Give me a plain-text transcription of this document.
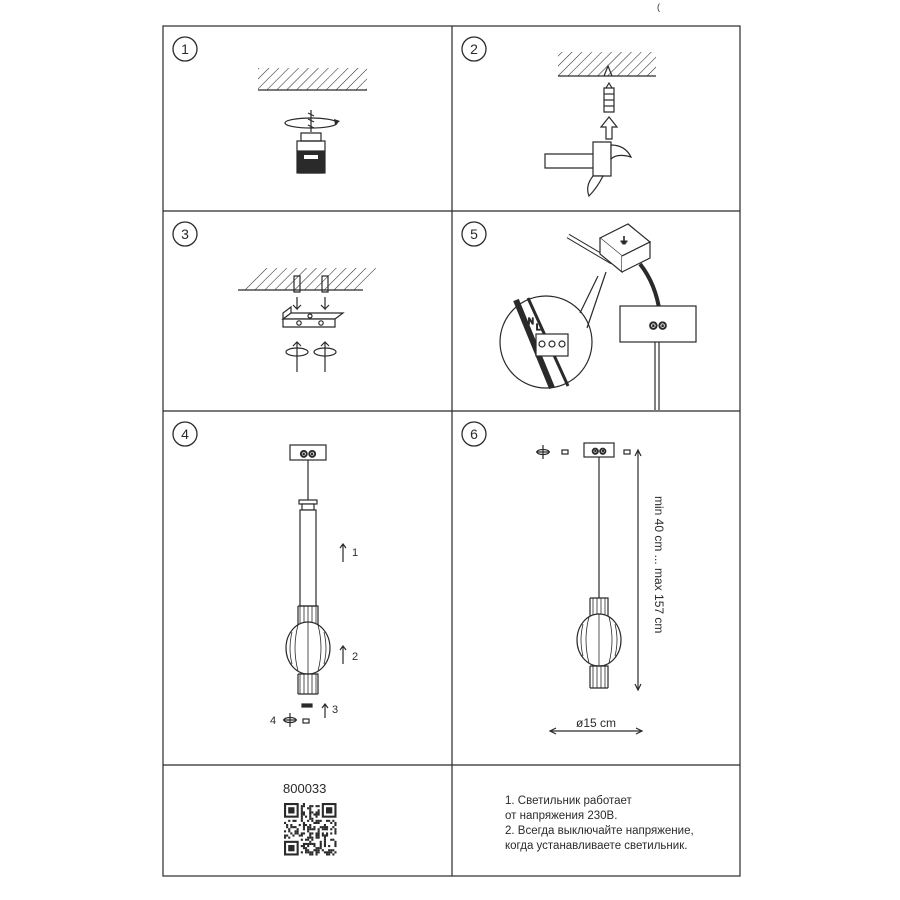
1	2
3	5
4	6
⏚
⊙⊙
N
L
⊙⊙
1
2
3
4
⊙⊙
min 40 cm ... max 157 cm
ø15 cm
800033
1. Светильник работает
от напряжения 230В.
2. Всегда выключайте напряжение,
когда устанавливаете светильник.
(
